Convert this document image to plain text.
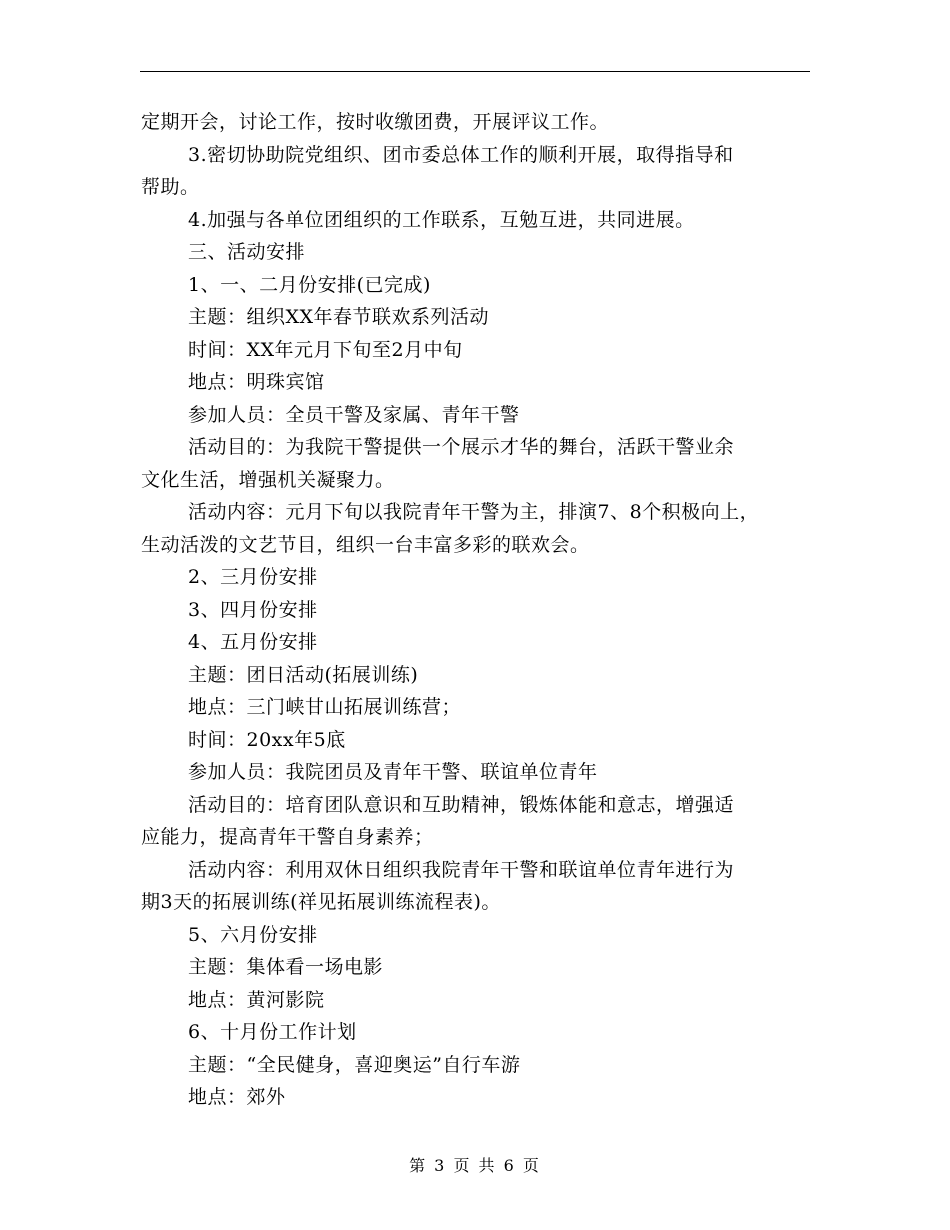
定期开会，讨论工作，按时收缴团费，开展评议工作。
3.密切协助院党组织、团市委总体工作的顺利开展，取得指导和
帮助。
4.加强与各单位团组织的工作联系，互勉互进，共同进展。
三、活动安排
1、一、二月份安排(已完成)
主题：组织XX年春节联欢系列活动
时间：XX年元月下旬至2月中旬
地点：明珠宾馆
参加人员：全员干警及家属、青年干警
活动目的：为我院干警提供一个展示才华的舞台，活跃干警业余
文化生活，增强机关凝聚力。
活动内容：元月下旬以我院青年干警为主，排演7、8个积极向上，
生动活泼的文艺节目，组织一台丰富多彩的联欢会。
2、三月份安排
3、四月份安排
4、五月份安排
主题：团日活动(拓展训练)
地点：三门峡甘山拓展训练营；
时间：20xx年5底
参加人员：我院团员及青年干警、联谊单位青年
活动目的：培育团队意识和互助精神，锻炼体能和意志，增强适
应能力，提高青年干警自身素养；
活动内容：利用双休日组织我院青年干警和联谊单位青年进行为
期3天的拓展训练(祥见拓展训练流程表)。
5、六月份安排
主题：集体看一场电影
地点：黄河影院
6、十月份工作计划
主题：“全民健身，喜迎奥运”自行车游
地点：郊外
第 3 页 共 6 页
